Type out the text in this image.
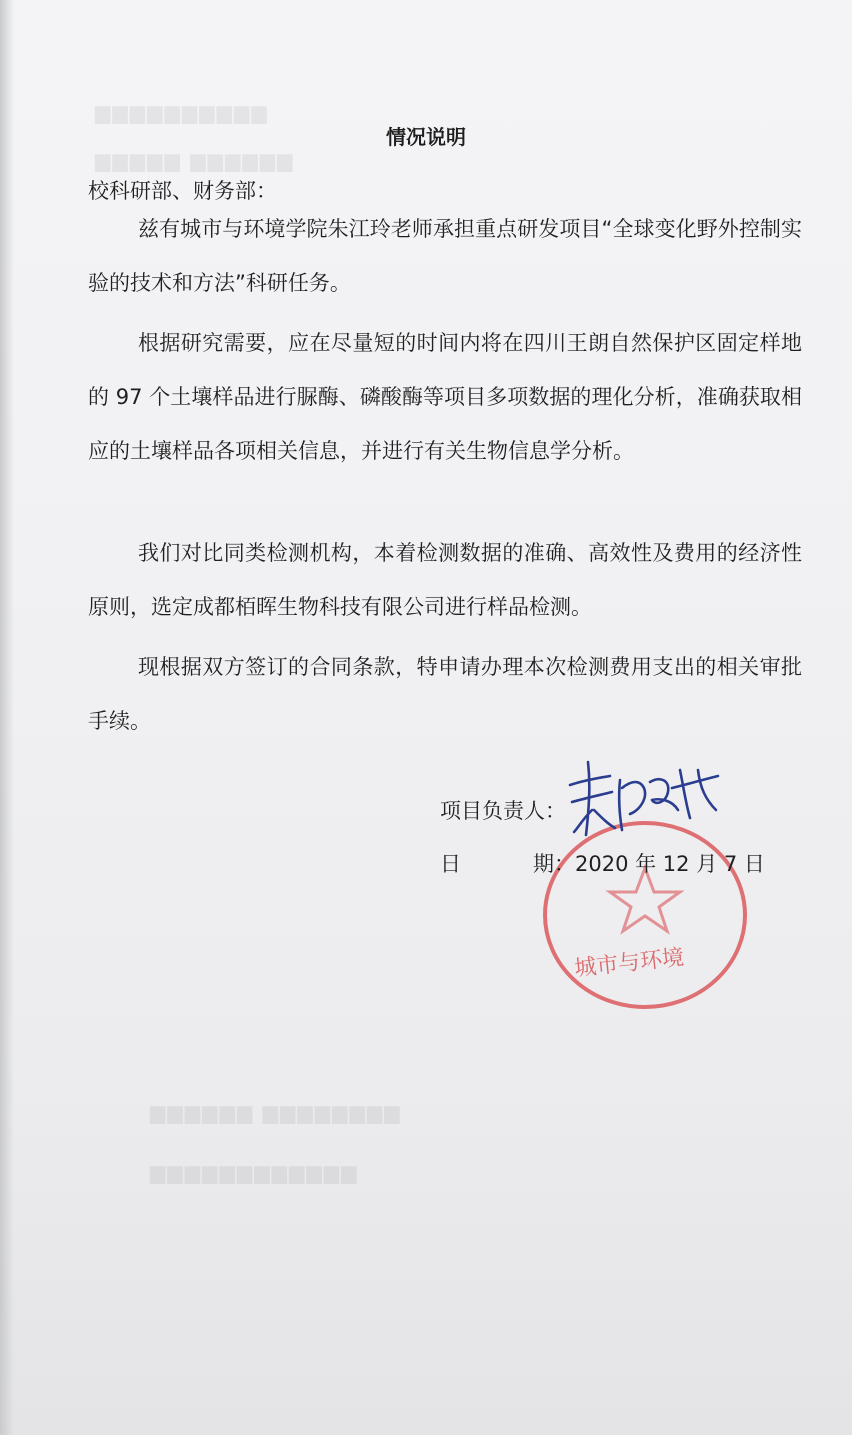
▆▆▆▆▆▆▆▆▆▆
▆▆▆▆▆ ▆▆▆▆▆▆
▆▆▆▆▆▆ ▆▆▆▆▆▆▆▆
▆▆▆▆▆▆▆▆▆▆▆▆
情况说明
校科研部、财务部：
兹有城市与环境学院朱江玲老师承担重点研发项目“全球变化野外控制实验的技术和方法”科研任务。
根据研究需要，应在尽量短的时间内将在四川王朗自然保护区固定样地的 97 个土壤样品进行脲酶、磷酸酶等项目多项数据的理化分析，准确获取相应的土壤样品各项相关信息，并进行有关生物信息学分析。
我们对比同类检测机构，本着检测数据的准确、高效性及费用的经济性原则，选定成都栢晖生物科技有限公司进行样品检测。
现根据双方签订的合同条款，特申请办理本次检测费用支出的相关审批手续。
城市与环境
项目负责人：
日	期：2020 年 12 月 7 日
